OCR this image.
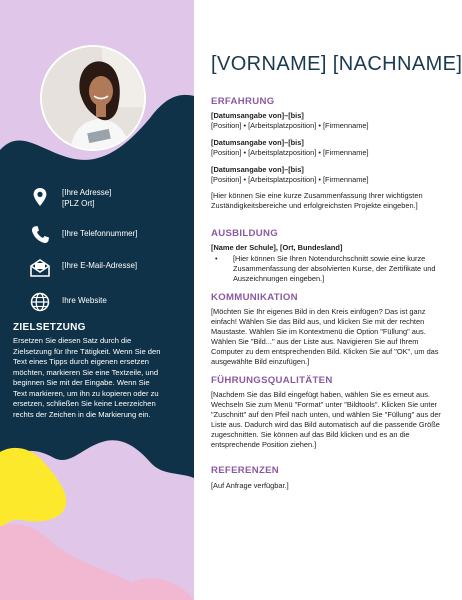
[Ihre Adresse]
[PLZ Ort]
[Ihre Telefonnummer]
[Ihre E-Mail-Adresse]
Ihre Website
ZIELSETZUNG
Ersetzen Sie diesen Satz durch die Zielsetzung für Ihre Tätigkeit. Wenn Sie den Text eines Tipps durch eigenen ersetzen möchten, markieren Sie eine Textzeile, und beginnen Sie mit der Eingabe. Wenn Sie Text markieren, um ihn zu kopieren oder zu ersetzen, schließen Sie keine Leerzeichen rechts der Zeichen in die Markierung ein.
[VORNAME] [NACHNAME]
ERFAHRUNG
[Datumsangabe von]–[bis]
[Position] • [Arbeitsplatzposition] • [Firmenname]
[Datumsangabe von]–[bis]
[Position] • [Arbeitsplatzposition] • [Firmenname]
[Datumsangabe von]–[bis]
[Position] • [Arbeitsplatzposition] • [Firmenname]
[Hier können Sie eine kurze Zusammenfassung Ihrer wichtigsten Zuständigkeitsbereiche und erfolgreichsten Projekte eingeben.]
AUSBILDUNG
[Name der Schule], [Ort, Bundesland]
•	[Hier können Sie Ihren Notendurchschnitt sowie eine kurze Zusammenfassung der absolvierten Kurse, der Zertifikate und Auszeichnungen eingeben.]
KOMMUNIKATION
[Möchten Sie Ihr eigenes Bild in den Kreis einfügen? Das ist ganz einfach! Wählen Sie das Bild aus, und klicken Sie mit der rechten Maustaste. Wählen Sie im Kontextmenü die Option "Füllung" aus. Wählen Sie "Bild..." aus der Liste aus. Navigieren Sie auf Ihrem Computer zu dem entsprechenden Bild. Klicken Sie auf "OK", um das ausgewählte Bild einzufügen.]
FÜHRUNGSQUALITÄTEN
[Nachdem Sie das Bild eingefügt haben, wählen Sie es erneut aus. Wechseln Sie zum Menü "Format" unter "Bildtools". Klicken Sie unter "Zuschnitt" auf den Pfeil nach unten, und wählen Sie "Füllung" aus der Liste aus. Dadurch wird das Bild automatisch auf die passende Größe zugeschnitten. Sie können auf das Bild klicken und es an die entsprechende Position ziehen.]
REFERENZEN
[Auf Anfrage verfügbar.]
